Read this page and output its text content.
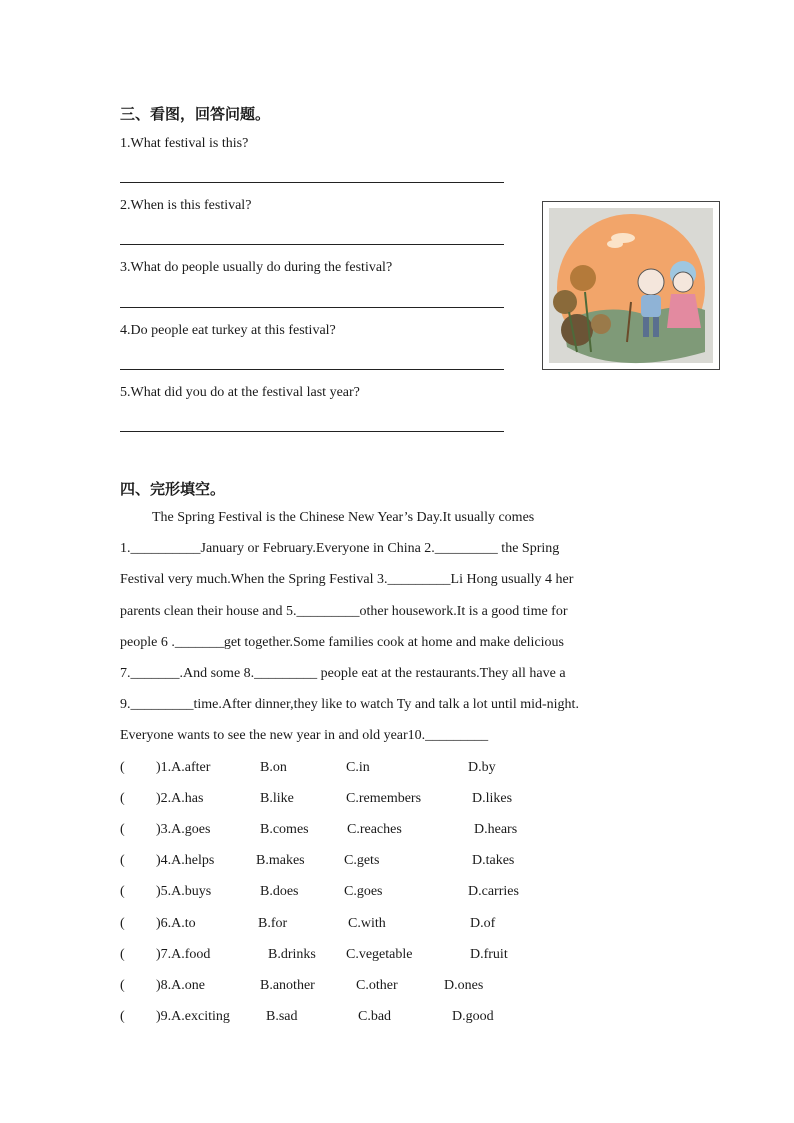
三、看图，回答问题。
1.What festival is this?
2.When is this festival?
3.What do people usually do during the festival?
4.Do people eat turkey at this festival?
5.What did you do at the festival last year?
四、完形填空。
The Spring Festival is the Chinese New Year’s Day.It usually comes
1.__________January or February.Everyone in China 2._________ the Spring
Festival very much.When the Spring Festival 3._________Li Hong usually 4 her
parents clean their house and 5._________other housework.It is a good time for
people 6 ._______get together.Some families cook at home and make delicious
7._______.And some 8._________ people eat at the restaurants.They all have a
9._________time.After dinner,they like to watch Ty and talk a lot until mid-night.
Everyone wants to see the new year in and old year10._________
( )1.A.after	B.on	C.in	D.by
( )2.A.has	B.like	C.remembers	D.likes
( )3.A.goes	B.comes	C.reaches	D.hears
( )4.A.helps	B.makes	C.gets	D.takes
( )5.A.buys	B.does	C.goes	D.carries
( )6.A.to	B.for	C.with	D.of
( )7.A.food	B.drinks C.vegetable	D.fruit
( )8.A.one	B.another	C.other	D.ones
( )9.A.exciting	B.sad	C.bad	D.good
